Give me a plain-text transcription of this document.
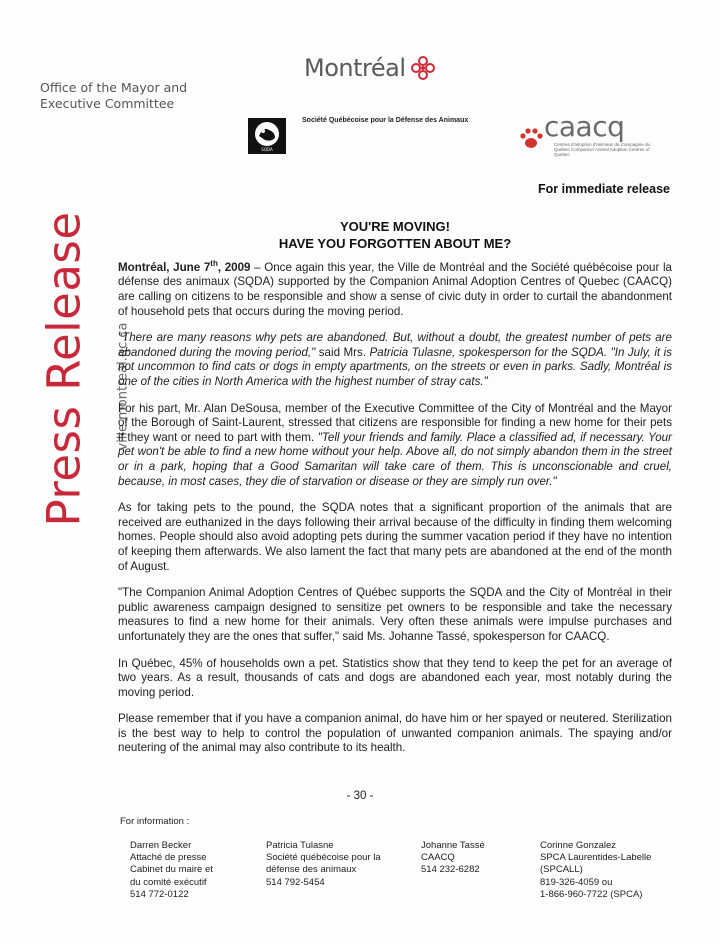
Montréal
Office of the Mayor and
Executive Committee
SQDA
Société Québécoise pour la Défense des Animaux	caacq
Centres d'adoption d'animaux de Compagnie du Québec Companion Animal Adoption Centres of Quebec
For immediate release
Press Release	ville.montreal.qc.ca
YOU'RE MOVING!
HAVE YOU FORGOTTEN ABOUT ME?

Montréal, June 7th, 2009 – Once again this year, the Ville de Montréal and the Société québécoise pour la défense des animaux (SQDA) supported by the Companion Animal Adoption Centres of Quebec (CAACQ) are calling on citizens to be responsible and show a sense of civic duty in order to curtail the abandonment of household pets that occurs during the moving period.

"There are many reasons why pets are abandoned. But, without a doubt, the greatest number of pets are abandoned during the moving period," said Mrs. Patricia Tulasne, spokesperson for the SQDA. "In July, it is not uncommon to find cats or dogs in empty apartments, on the streets or even in parks. Sadly, Montréal is one of the cities in North America with the highest number of stray cats."

For his part, Mr. Alan DeSousa, member of the Executive Committee of the City of Montréal and the Mayor of the Borough of Saint-Laurent, stressed that citizens are responsible for finding a new home for their pets if they want or need to part with them. "Tell your friends and family. Place a classified ad, if necessary. Your pet won't be able to find a new home without your help. Above all, do not simply abandon them in the street or in a park, hoping that a Good Samaritan will take care of them. This is unconscionable and cruel, because, in most cases, they die of starvation or disease or they are simply run over."

As for taking pets to the pound, the SQDA notes that a significant proportion of the animals that are received are euthanized in the days following their arrival because of the difficulty in finding them welcoming homes. People should also avoid adopting pets during the summer vacation period if they have no intention of keeping them afterwards. We also lament the fact that many pets are abandoned at the end of the month of August.

"The Companion Animal Adoption Centres of Québec supports the SQDA and the City of Montréal in their public awareness campaign designed to sensitize pet owners to be responsible and take the necessary measures to find a new home for their animals. Very often these animals were impulse purchases and unfortunately they are the ones that suffer," said Ms. Johanne Tassé, spokesperson for CAACQ.

In Québec, 45% of households own a pet. Statistics show that they tend to keep the pet for an average of two years. As a result, thousands of cats and dogs are abandoned each year, most notably during the moving period.

Please remember that if you have a companion animal, do have him or her spayed or neutered. Sterilization is the best way to help to control the population of unwanted companion animals. The spaying and/or neutering of the animal may also contribute to its health.

- 30 -
For information :
Darren Becker
Attaché de presse
Cabinet du maire et
du comité exécutif
514 772-0122
Patricia Tulasne
Société québécoise pour la
défense des animaux
514 792-5454
Johanne Tassé
CAACQ
514 232-6282
Corinne Gonzalez
SPCA Laurentides-Labelle
(SPCALL)
819-326-4059 ou
1-866-960-7722 (SPCA)
